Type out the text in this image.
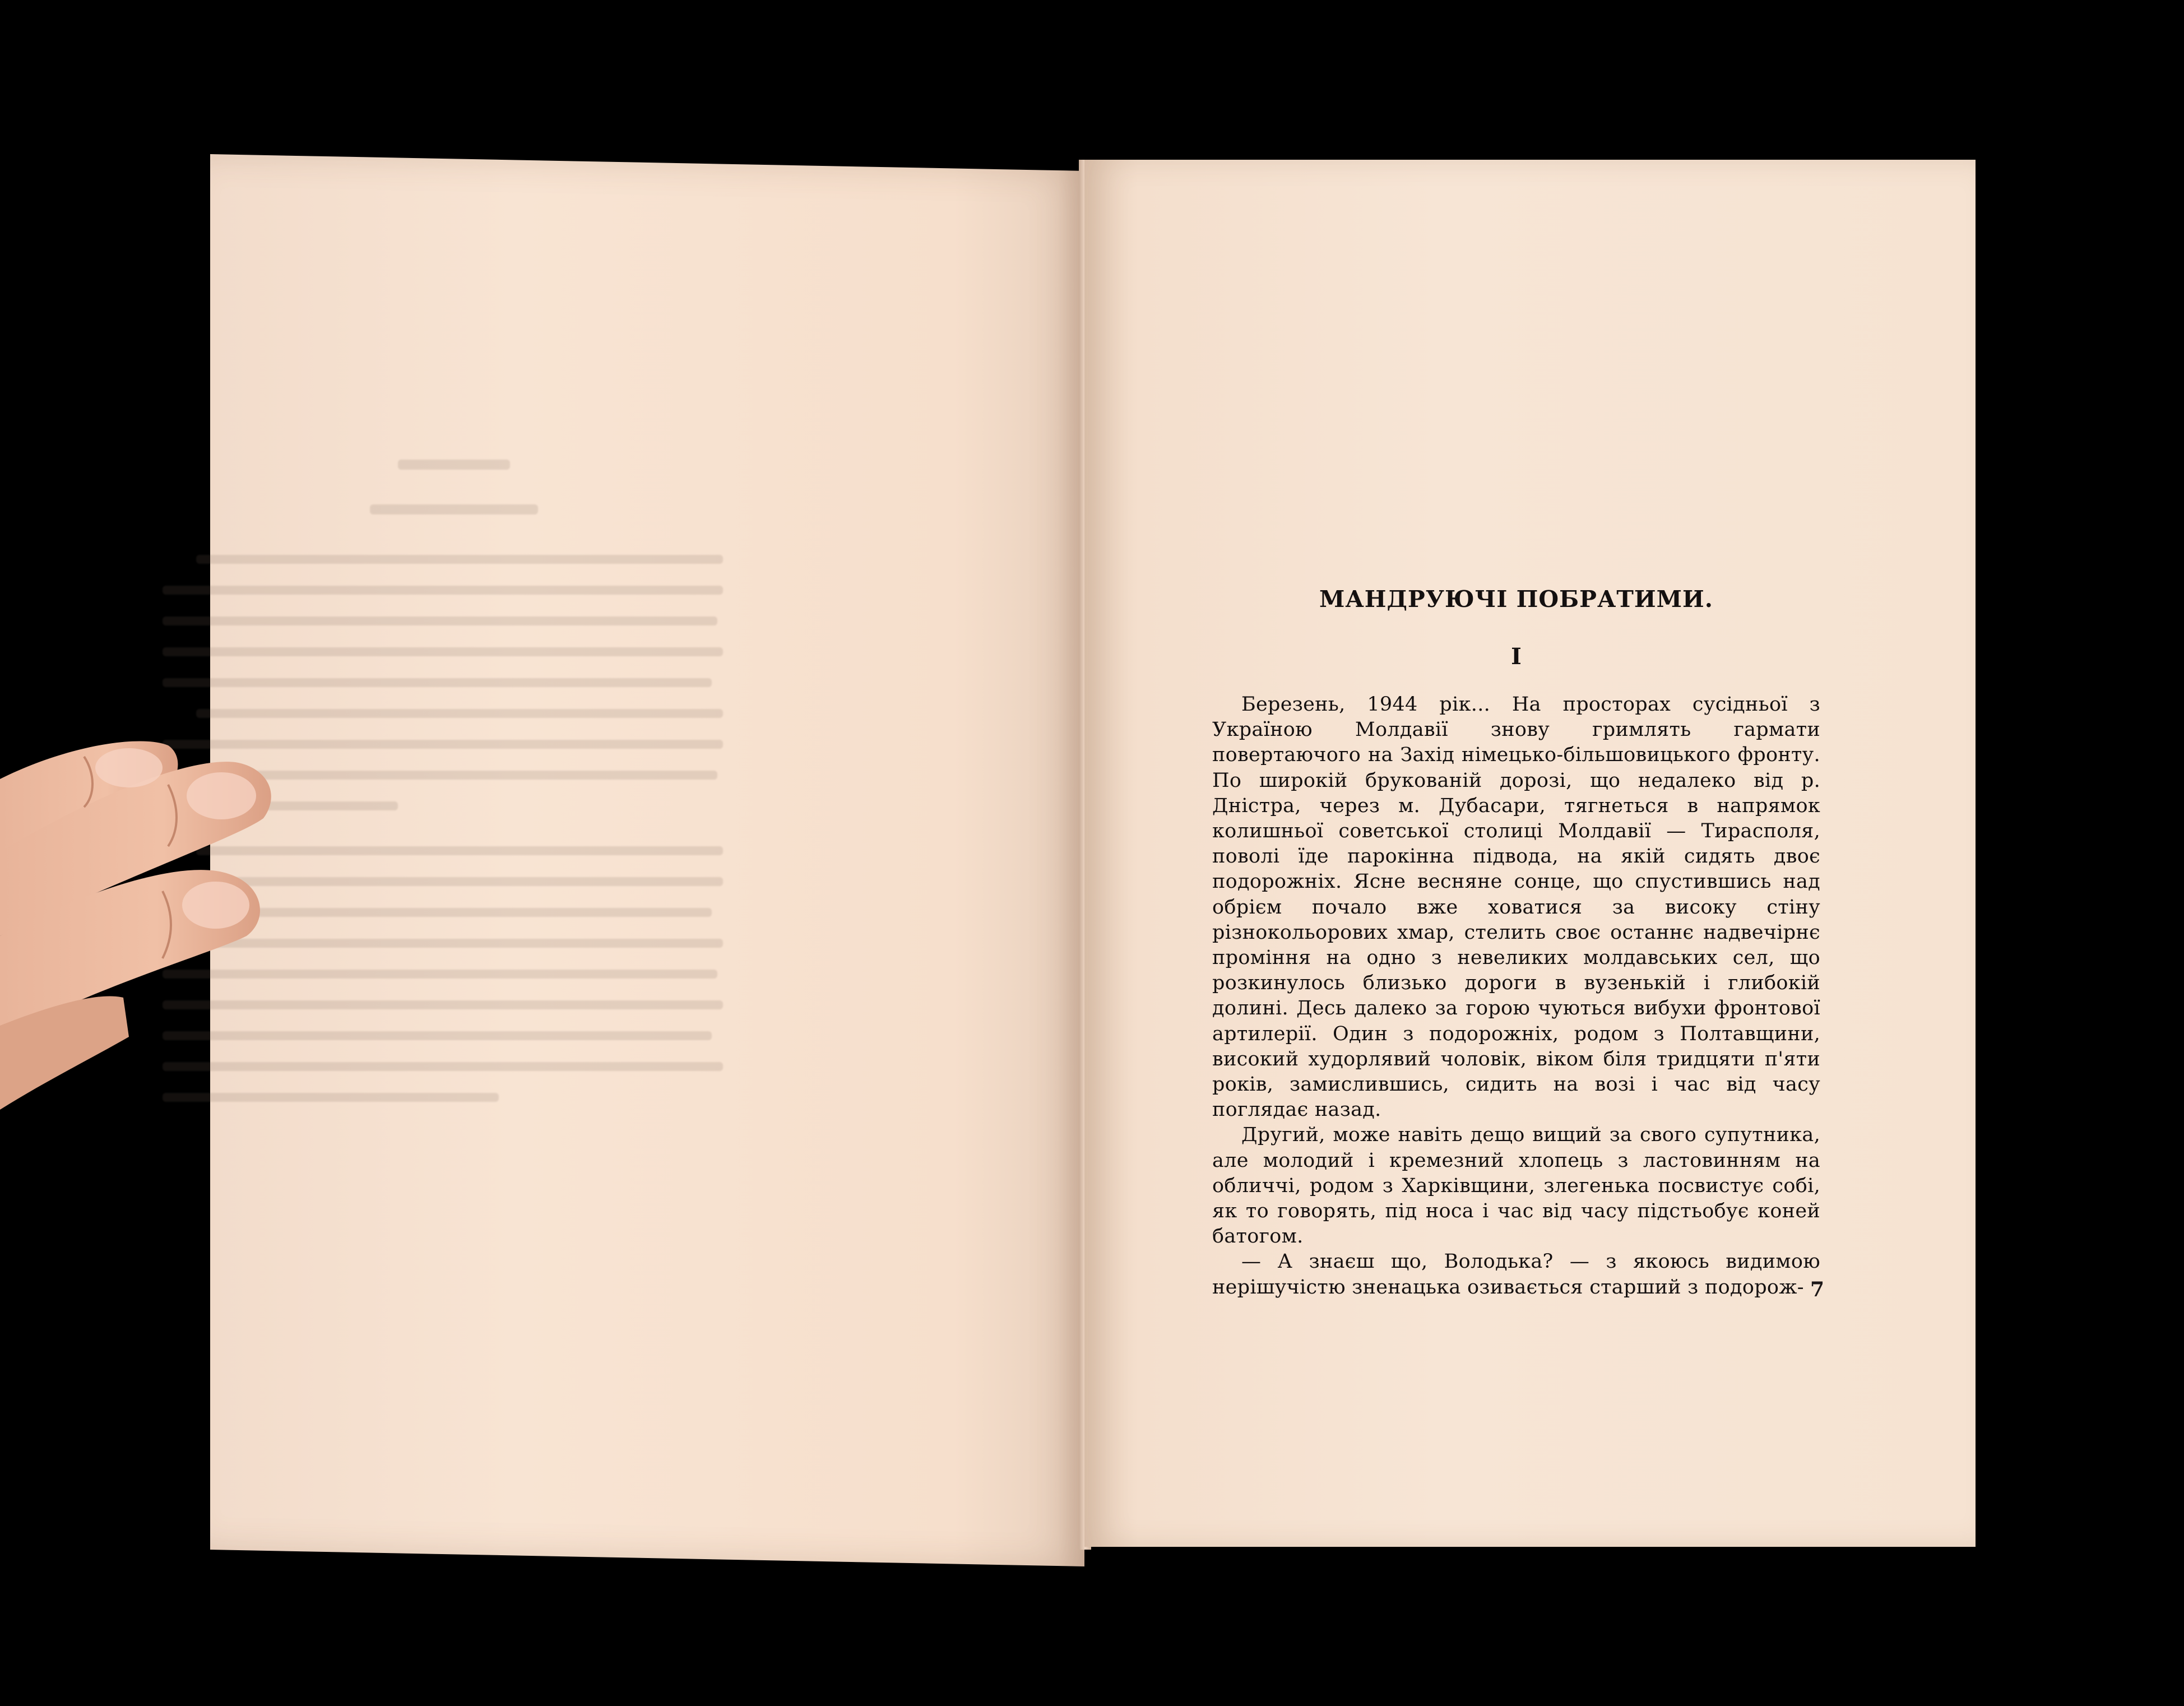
МАНДРУЮЧІ ПОБРАТИМИ.
I

Березень, 1944 рік... На просторах сусідньої з Україною Молдавії знову гримлять гармати повертаючого на Захід німецько-більшовицького фронту. По широкій брукованій дорозі, що недалеко від р. Дністра, через м. Дубасари, тягнеться в напрямок колишньої советської столиці Молдавії — Тирасполя, поволі їде парокінна підвода, на якій сидять двоє подорожніх. Ясне весняне сонце, що спустившись над обрієм почало вже ховатися за високу стіну різнокольорових хмар, стелить своє останнє надвечірнє проміння на одно з невеликих молдавських сел, що розкинулось близько дороги в вузенькій і глибокій долині. Десь далеко за горою чуються вибухи фронтової артилерії. Один з подорожніх, родом з Полтавщини, високий худорлявий чоловік, віком біля тридцяти п'яти років, замислившись, сидить на возі і час від часу поглядає назад.

Другий, може навіть дещо вищий за свого супутника, але молодий і кремезний хлопець з ластовинням на обличчі, родом з Харківщини, злегенька посвистує собі, як то говорять, під носа і час від часу підстьобує коней батогом.

— А знаєш що, Володька? — з якоюсь видимою нерішучістю зненацька озивається старший з подорож- 7
